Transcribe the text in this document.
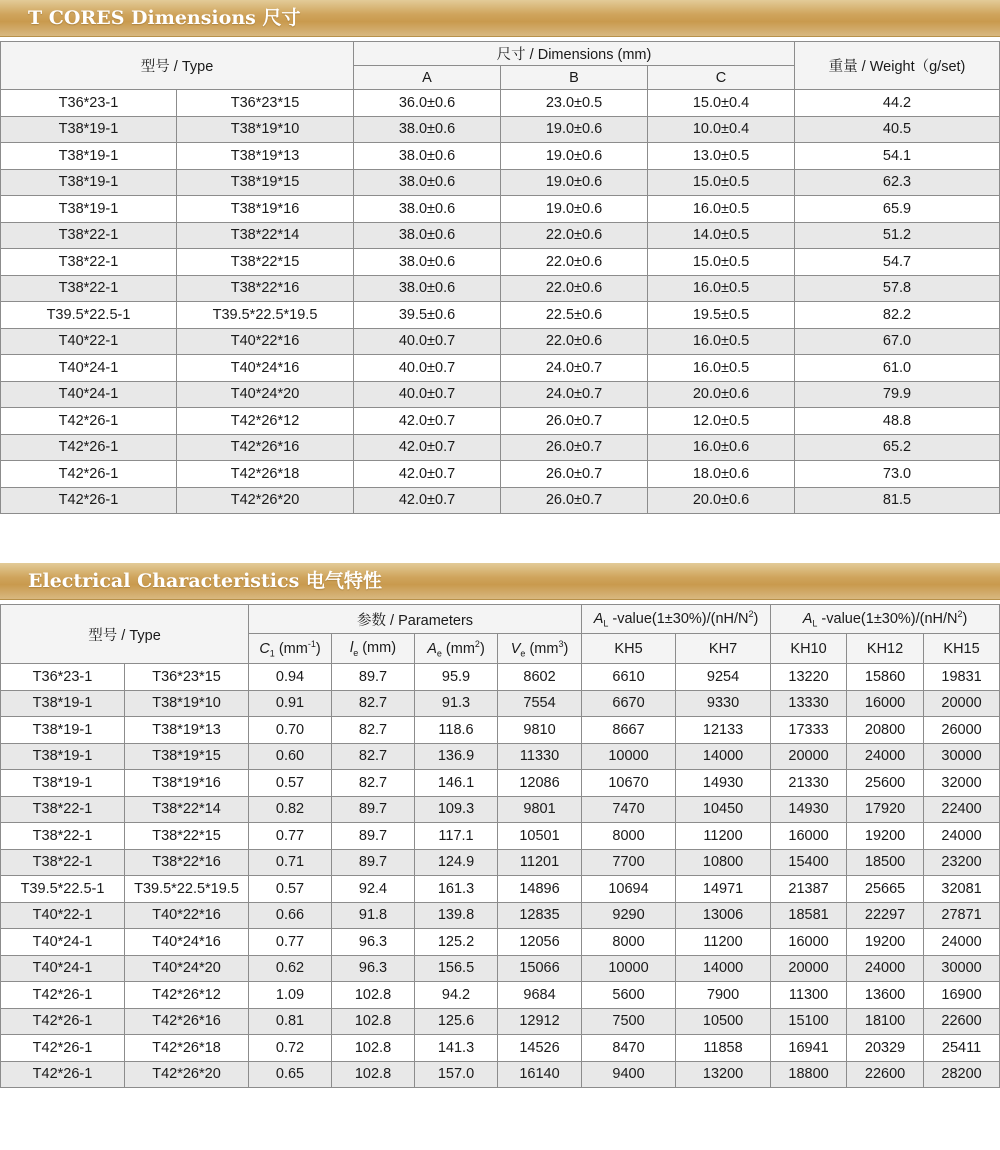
T CORES Dimensions 尺寸
型号 / Type		尺寸 / Dimensions (mm)			重量 / Weight（g/set)
		A	B	C	
T36*23-1	T36*23*15	36.0±0.6	23.0±0.5	15.0±0.4	44.2
T38*19-1	T38*19*10	38.0±0.6	19.0±0.6	10.0±0.4	40.5
T38*19-1	T38*19*13	38.0±0.6	19.0±0.6	13.0±0.5	54.1
T38*19-1	T38*19*15	38.0±0.6	19.0±0.6	15.0±0.5	62.3
T38*19-1	T38*19*16	38.0±0.6	19.0±0.6	16.0±0.5	65.9
T38*22-1	T38*22*14	38.0±0.6	22.0±0.6	14.0±0.5	51.2
T38*22-1	T38*22*15	38.0±0.6	22.0±0.6	15.0±0.5	54.7
T38*22-1	T38*22*16	38.0±0.6	22.0±0.6	16.0±0.5	57.8
T39.5*22.5-1	T39.5*22.5*19.5	39.5±0.6	22.5±0.6	19.5±0.5	82.2
T40*22-1	T40*22*16	40.0±0.7	22.0±0.6	16.0±0.5	67.0
T40*24-1	T40*24*16	40.0±0.7	24.0±0.7	16.0±0.5	61.0
T40*24-1	T40*24*20	40.0±0.7	24.0±0.7	20.0±0.6	79.9
T42*26-1	T42*26*12	42.0±0.7	26.0±0.7	12.0±0.5	48.8
T42*26-1	T42*26*16	42.0±0.7	26.0±0.7	16.0±0.6	65.2
T42*26-1	T42*26*18	42.0±0.7	26.0±0.7	18.0±0.6	73.0
T42*26-1	T42*26*20	42.0±0.7	26.0±0.7	20.0±0.6	81.5
Electrical Characteristics 电气特性
型号 / Type		参数 / Parameters				$A_L$ $-value(1\pm 30\%)/(nH/N^2)$		$A_L$ $-value(1\pm 30\%)/(nH/N^2)$		
		$C_1$ $(mm^{-1})$	$l_e$ (mm)	$A_e$ $(mm^2)$	$V_e$ $(mm^3)$	KH5	KH7	KH10	KH12	KH15
T36*23-1	T36*23*15	0.94	89.7	95.9	8602	6610	9254	13220	15860	19831
T38*19-1	T38*19*10	0.91	82.7	91.3	7554	6670	9330	13330	16000	20000
T38*19-1	T38*19*13	0.70	82.7	118.6	9810	8667	12133	17333	20800	26000
T38*19-1	T38*19*15	0.60	82.7	136.9	11330	10000	14000	20000	24000	30000
T38*19-1	T38*19*16	0.57	82.7	146.1	12086	10670	14930	21330	25600	32000
T38*22-1	T38*22*14	0.82	89.7	109.3	9801	7470	10450	14930	17920	22400
T38*22-1	T38*22*15	0.77	89.7	117.1	10501	8000	11200	16000	19200	24000
T38*22-1	T38*22*16	0.71	89.7	124.9	11201	7700	10800	15400	18500	23200
T39.5*22.5-1	T39.5*22.5*19.5	0.57	92.4	161.3	14896	10694	14971	21387	25665	32081
T40*22-1	T40*22*16	0.66	91.8	139.8	12835	9290	13006	18581	22297	27871
T40*24-1	T40*24*16	0.77	96.3	125.2	12056	8000	11200	16000	19200	24000
T40*24-1	T40*24*20	0.62	96.3	156.5	15066	10000	14000	20000	24000	30000
T42*26-1	T42*26*12	1.09	102.8	94.2	9684	5600	7900	11300	13600	16900
T42*26-1	T42*26*16	0.81	102.8	125.6	12912	7500	10500	15100	18100	22600
T42*26-1	T42*26*18	0.72	102.8	141.3	14526	8470	11858	16941	20329	25411
T42*26-1	T42*26*20	0.65	102.8	157.0	16140	9400	13200	18800	22600	28200
